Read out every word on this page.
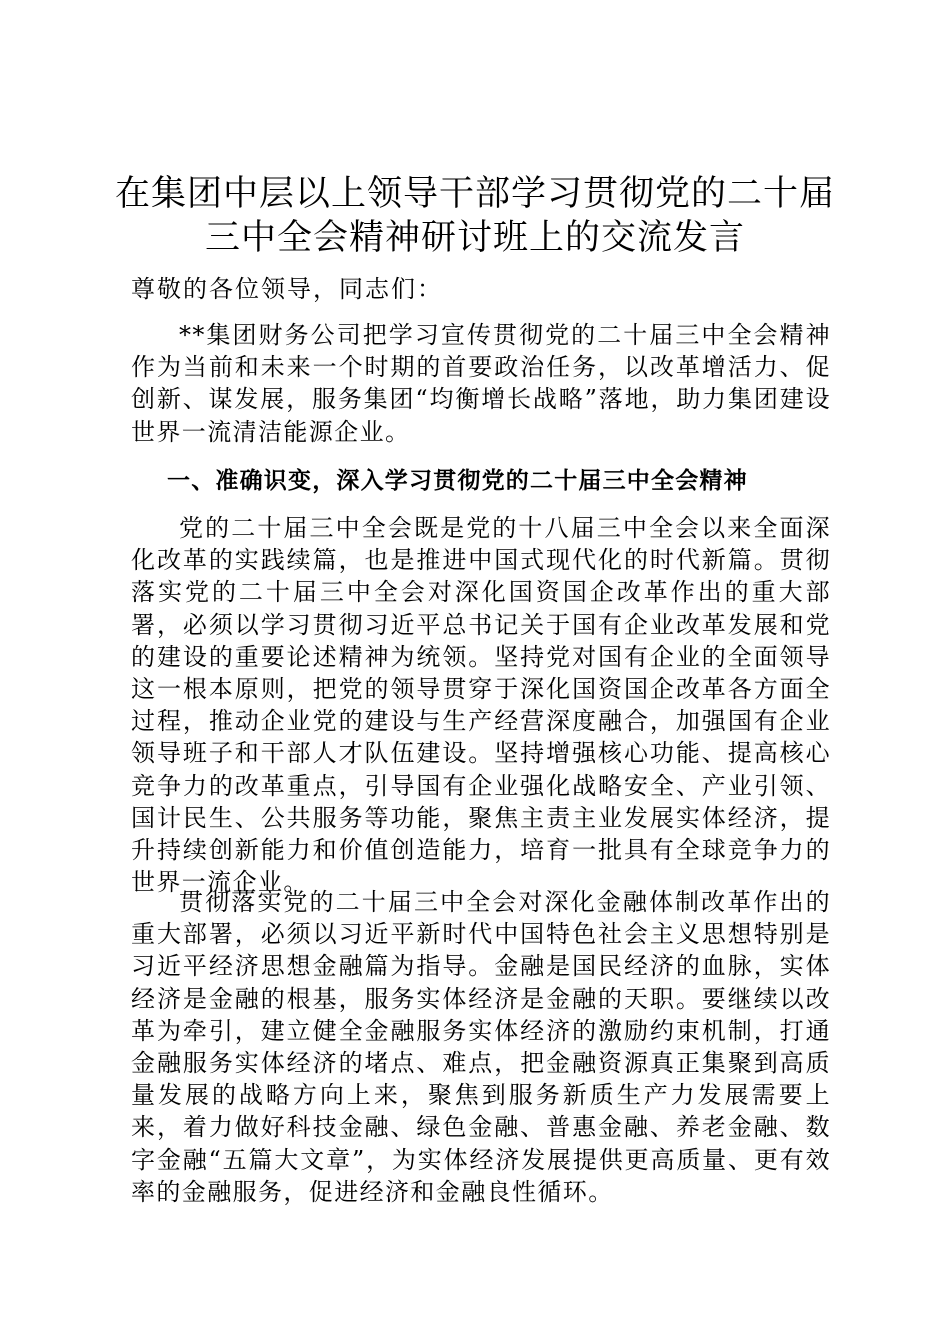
在集团中层以上领导干部学习贯彻党的二十届
三中全会精神研讨班上的交流发言
尊敬的各位领导，同志们：
**集团财务公司把学习宣传贯彻党的二十届三中全会精神作为当前和未来一个时期的首要政治任务，以改革增活力、促创新、谋发展，服务集团“均衡增长战略”落地，助力集团建设世界一流清洁能源企业。
一、准确识变，深入学习贯彻党的二十届三中全会精神
党的二十届三中全会既是党的十八届三中全会以来全面深化改革的实践续篇，也是推进中国式现代化的时代新篇。贯彻落实党的二十届三中全会对深化国资国企改革作出的重大部署，必须以学习贯彻习近平总书记关于国有企业改革发展和党的建设的重要论述精神为统领。坚持党对国有企业的全面领导这一根本原则，把党的领导贯穿于深化国资国企改革各方面全过程，推动企业党的建设与生产经营深度融合，加强国有企业领导班子和干部人才队伍建设。坚持增强核心功能、提高核心竞争力的改革重点，引导国有企业强化战略安全、产业引领、国计民生、公共服务等功能，聚焦主责主业发展实体经济，提升持续创新能力和价值创造能力，培育一批具有全球竞争力的世界一流企业。
贯彻落实党的二十届三中全会对深化金融体制改革作出的重大部署，必须以习近平新时代中国特色社会主义思想特别是习近平经济思想金融篇为指导。金融是国民经济的血脉，实体经济是金融的根基，服务实体经济是金融的天职。要继续以改革为牵引，建立健全金融服务实体经济的激励约束机制，打通金融服务实体经济的堵点、难点，把金融资源真正集聚到高质量发展的战略方向上来，聚焦到服务新质生产力发展需要上来，着力做好科技金融、绿色金融、普惠金融、养老金融、数字金融“五篇大文章”，为实体经济发展提供更高质量、更有效率的金融服务，促进经济和金融良性循环。
